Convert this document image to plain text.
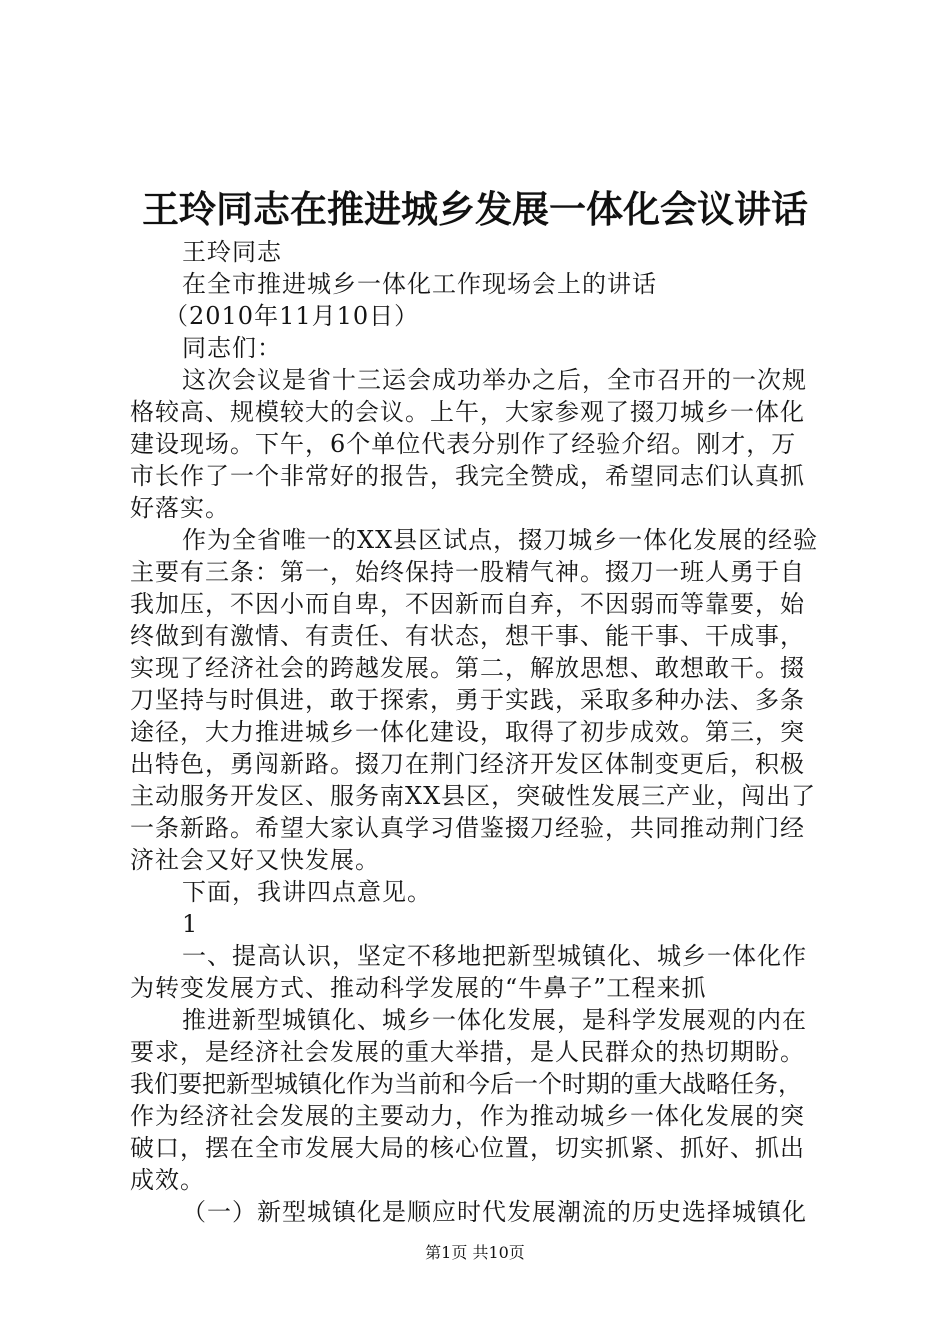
王玲同志在推进城乡发展一体化会议讲话
王玲同志
在全市推进城乡一体化工作现场会上的讲话
（2010年11月10日）
同志们：
这次会议是省十三运会成功举办之后，全市召开的一次规
格较高、规模较大的会议。上午，大家参观了掇刀城乡一体化
建设现场。下午，6个单位代表分别作了经验介绍。刚才，万
市长作了一个非常好的报告，我完全赞成，希望同志们认真抓
好落实。
作为全省唯一的XX县区试点，掇刀城乡一体化发展的经验
主要有三条：第一，始终保持一股精气神。掇刀一班人勇于自
我加压，不因小而自卑，不因新而自弃，不因弱而等靠要，始
终做到有激情、有责任、有状态，想干事、能干事、干成事，
实现了经济社会的跨越发展。第二，解放思想、敢想敢干。掇
刀坚持与时俱进，敢于探索，勇于实践，采取多种办法、多条
途径，大力推进城乡一体化建设，取得了初步成效。第三，突
出特色，勇闯新路。掇刀在荆门经济开发区体制变更后，积极
主动服务开发区、服务南XX县区，突破性发展三产业，闯出了
一条新路。希望大家认真学习借鉴掇刀经验，共同推动荆门经
济社会又好又快发展。
下面，我讲四点意见。
1
一、提高认识，坚定不移地把新型城镇化、城乡一体化作
为转变发展方式、推动科学发展的“牛鼻子”工程来抓
推进新型城镇化、城乡一体化发展，是科学发展观的内在
要求，是经济社会发展的重大举措，是人民群众的热切期盼。
我们要把新型城镇化作为当前和今后一个时期的重大战略任务，
作为经济社会发展的主要动力，作为推动城乡一体化发展的突
破口，摆在全市发展大局的核心位置，切实抓紧、抓好、抓出
成效。
（一）新型城镇化是顺应时代发展潮流的历史选择城镇化
第1页 共10页
